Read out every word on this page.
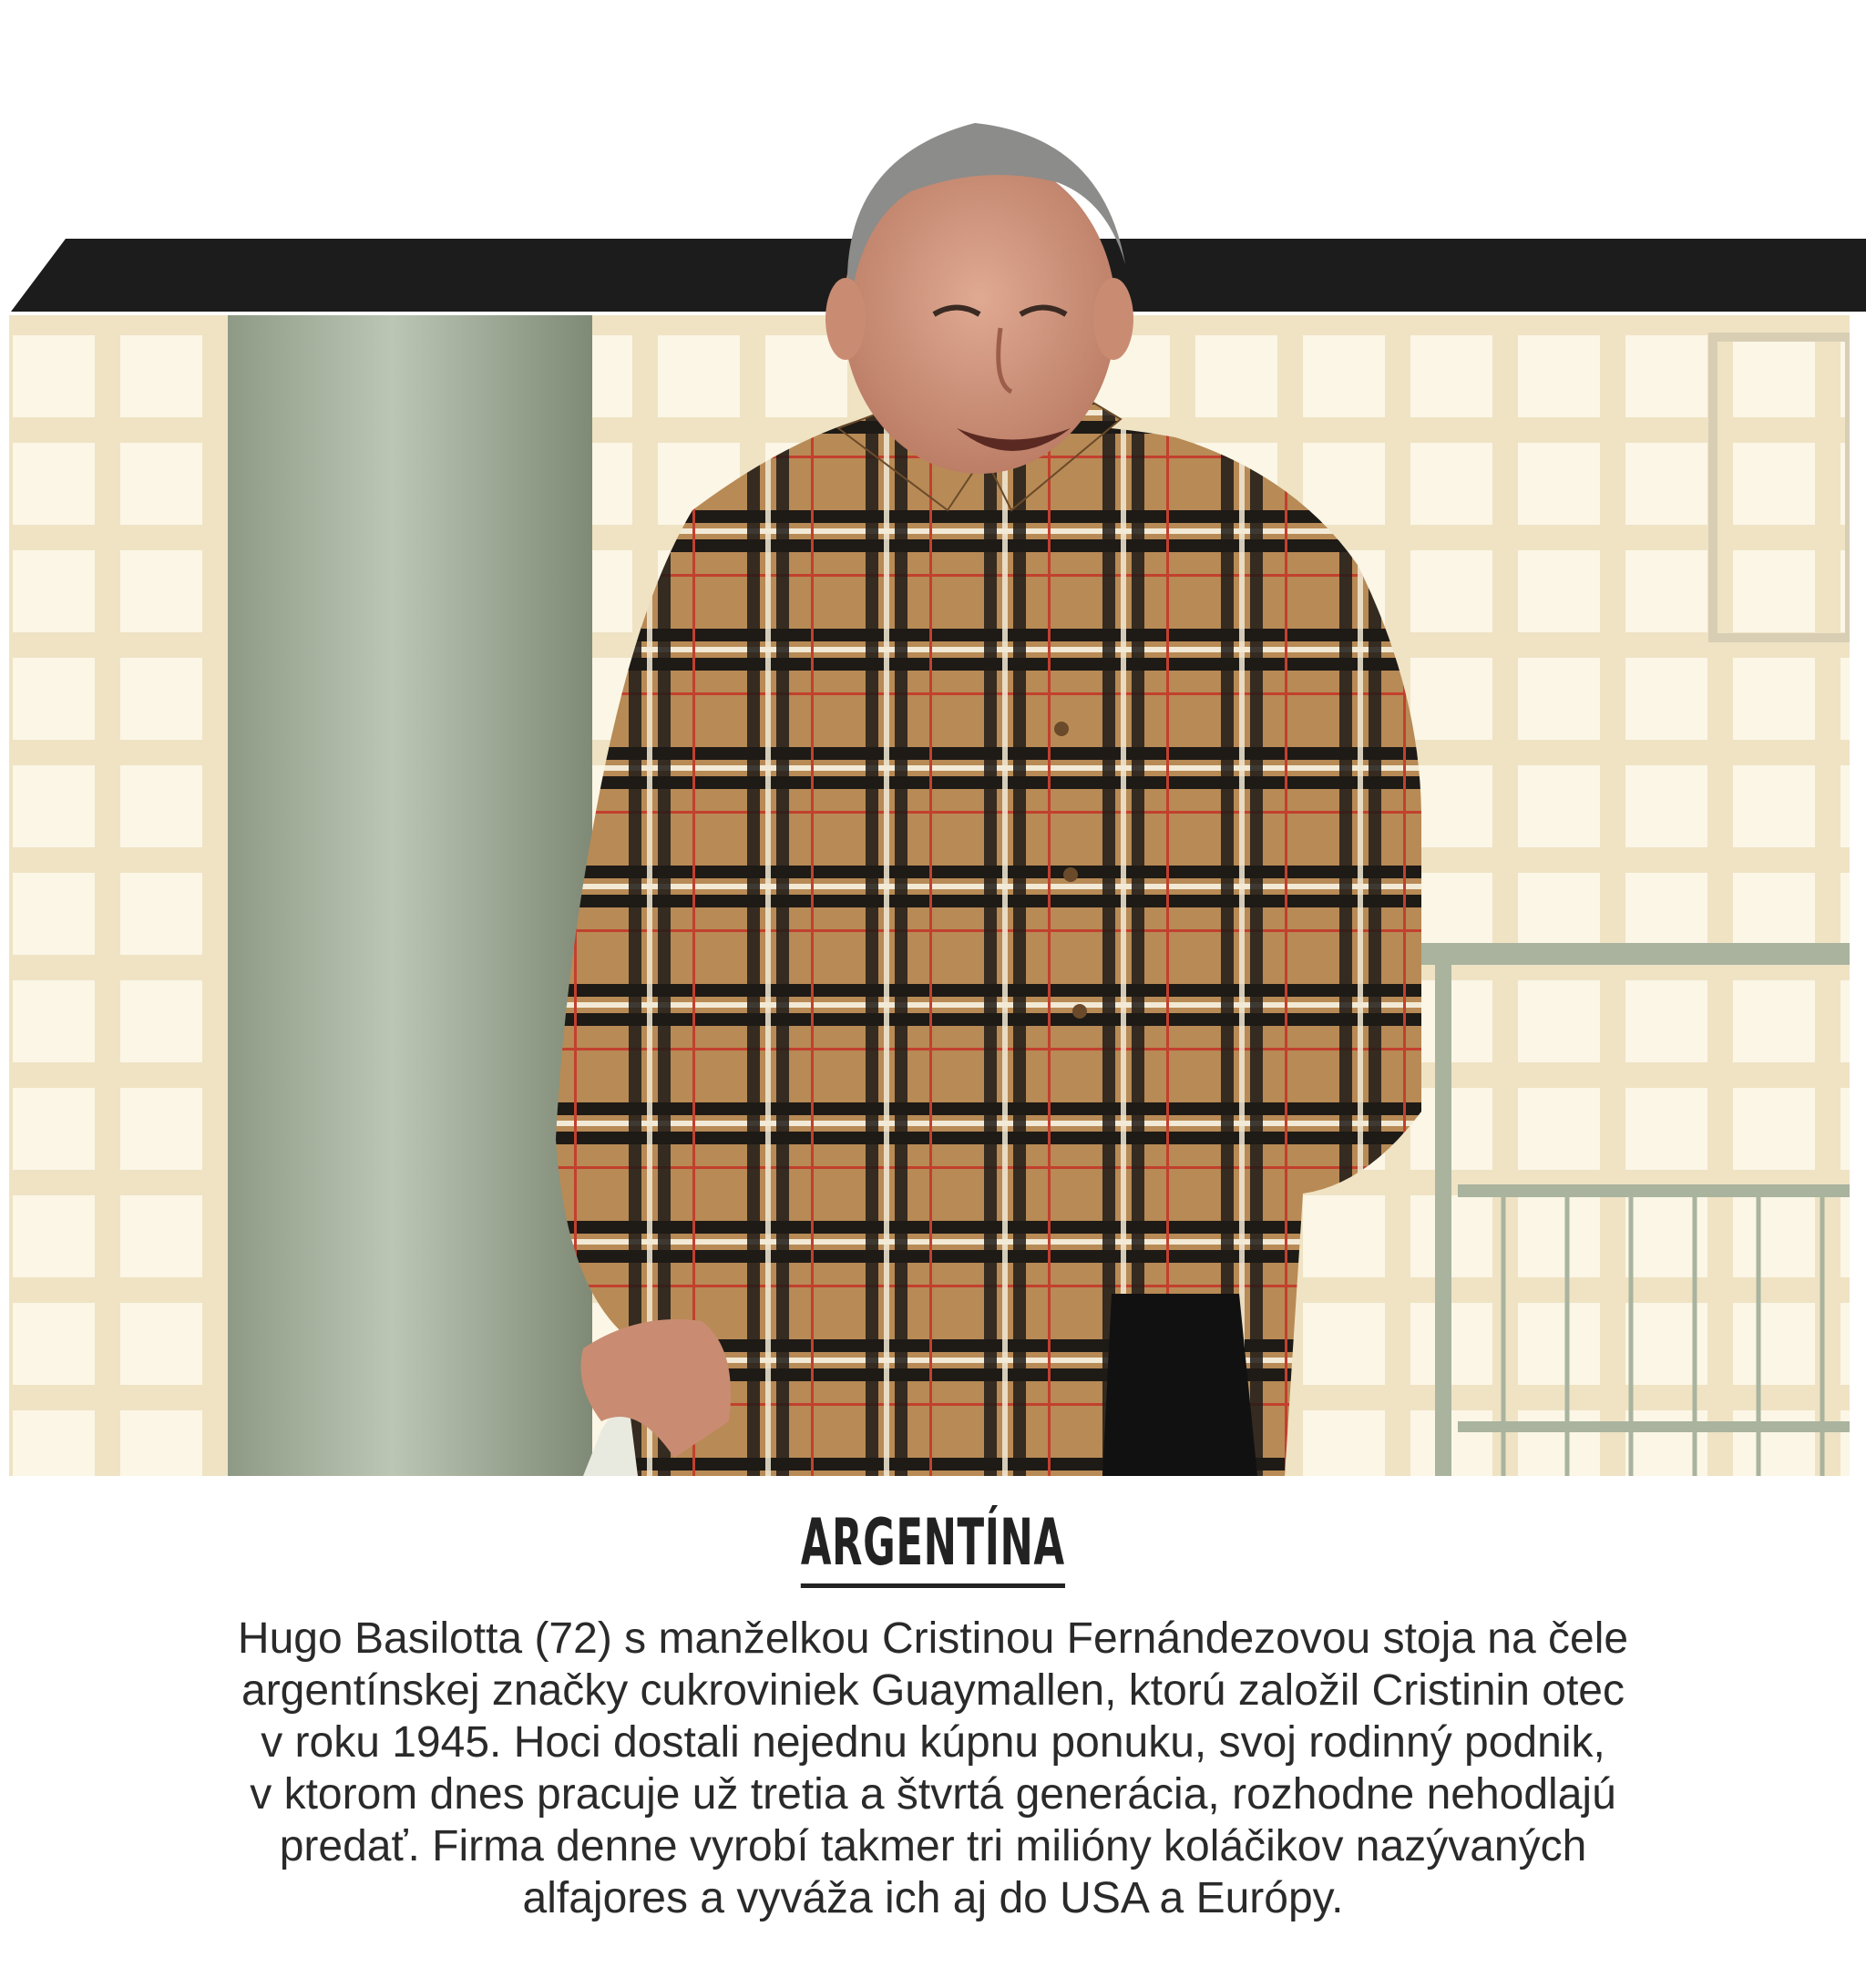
ARGENTÍNA
Hugo Basilotta (72) s manželkou Cristinou Fernándezovou stoja na čele
argentínskej značky cukroviniek Guaymallen, ktorú založil Cristinin otec
v roku 1945. Hoci dostali nejednu kúpnu ponuku, svoj rodinný podnik,
v ktorom dnes pracuje už tretia a štvrtá generácia, rozhodne nehodlajú
predať. Firma denne vyrobí takmer tri milióny koláčikov nazývaných
alfajores a vyváža ich aj do USA a Európy.
